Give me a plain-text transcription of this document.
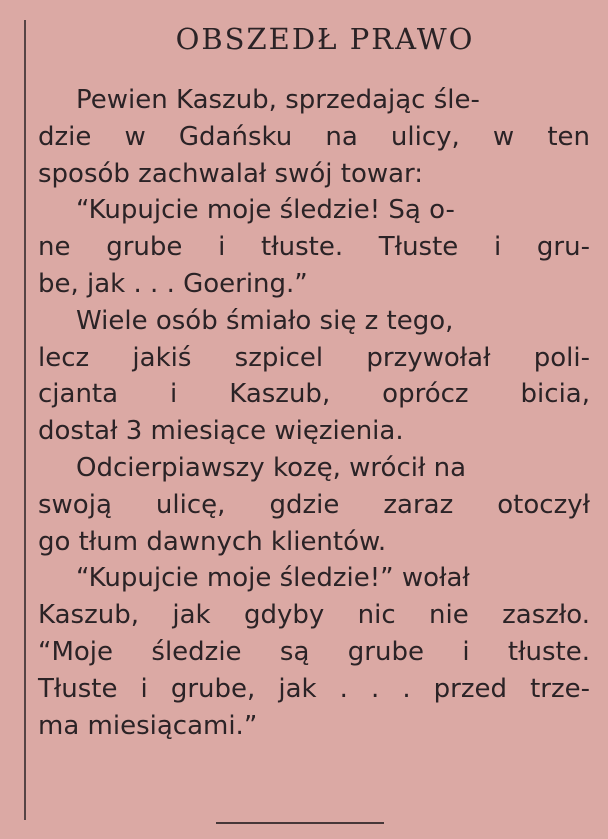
OBSZEDŁ PRAWO
Pewien Kaszub, sprzedając śle-
dzie w Gdańsku na ulicy, w ten
sposób zachwalał swój towar:
“Kupujcie moje śledzie! Są o-
ne grube i tłuste. Tłuste i gru-
be, jak . . . Goering.”
Wiele osób śmiało się z tego,
lecz jakiś szpicel przywołał poli-
cjanta i Kaszub, oprócz bicia,
dostał 3 miesiące więzienia.
Odcierpiawszy kozę, wrócił na
swoją ulicę, gdzie zaraz otoczył
go tłum dawnych klientów.
“Kupujcie moje śledzie!” wołał
Kaszub, jak gdyby nic nie zaszło.
“Moje śledzie są grube i tłuste.
Tłuste i grube, jak . . . przed trze-
ma miesiącami.”
